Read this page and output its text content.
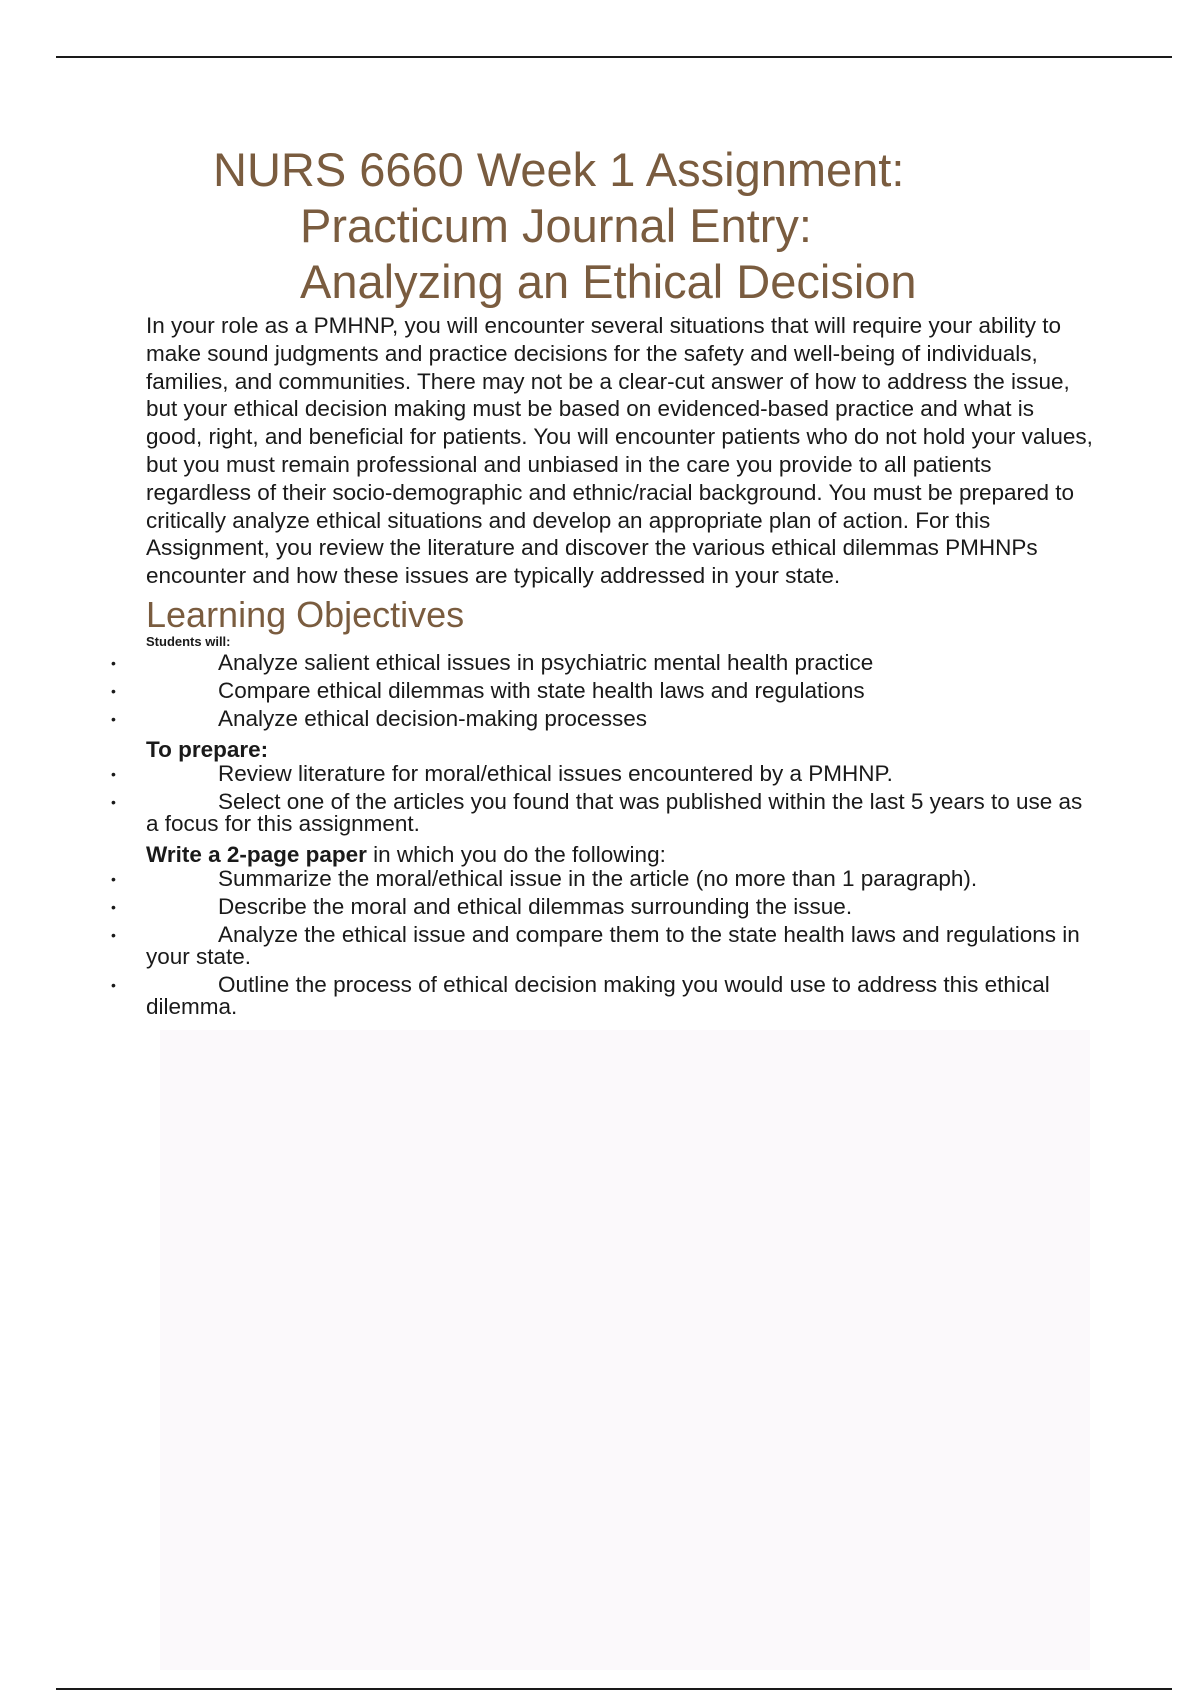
NURS 6660 Week 1 Assignment:
Practicum Journal Entry:
Analyzing an Ethical Decision

In your role as a PMHNP, you will encounter several situations that will require your ability to make sound judgments and practice decisions for the safety and well-being of individuals, families, and communities. There may not be a clear-cut answer of how to address the issue, but your ethical decision making must be based on evidenced-based practice and what is good, right, and beneficial for patients. You will encounter patients who do not hold your values, but you must remain professional and unbiased in the care you provide to all patients regardless of their socio-demographic and ethnic/racial background. You must be prepared to critically analyze ethical situations and develop an appropriate plan of action. For this Assignment, you review the literature and discover the various ethical dilemmas PMHNPs encounter and how these issues are typically addressed in your state.

Learning Objectives
Students will:
•	Analyze salient ethical issues in psychiatric mental health practice
•	Compare ethical dilemmas with state health laws and regulations
•	Analyze ethical decision-making processes

To prepare:

•	Review literature for moral/ethical issues encountered by a PMHNP.
•	Select one of the articles you found that was published within the last 5 years to use as a focus for this assignment.

Write a 2-page paper in which you do the following:

•	Summarize the moral/ethical issue in the article (no more than 1 paragraph).
•	Describe the moral and ethical dilemmas surrounding the issue.
•	Analyze the ethical issue and compare them to the state health laws and regulations in your state.
•	Outline the process of ethical decision making you would use to address this ethical dilemma.
